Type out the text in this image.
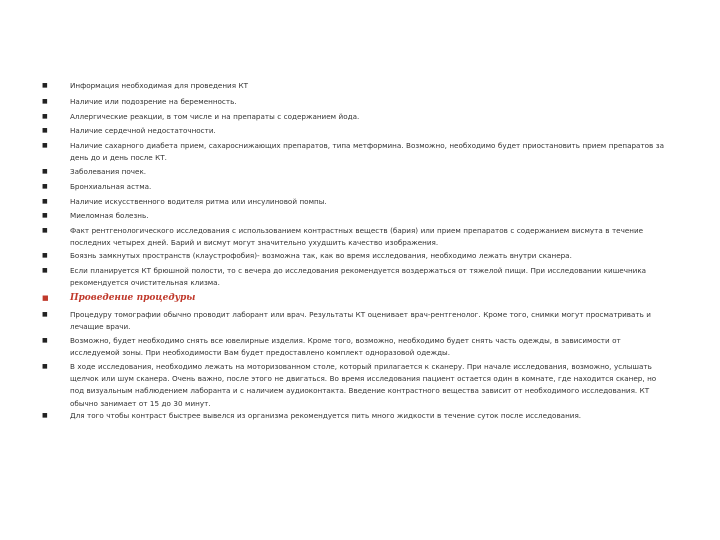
■	Информация необходимая для проведения КТ
■	Наличие или подозрение на беременность.
■	Аллергические реакции, в том числе и на препараты с содержанием йода.
■	Наличие сердечной недостаточности.
■	Наличие сахарного диабета прием, сахароснижающих препаратов, типа метформина. Возможно, необходимо будет приостановить прием препаратов за день до и день после КТ.
■	Заболевания почек.
■	Бронхиальная астма.
■	Наличие искусственного водителя ритма или инсулиновой помпы.
■	Миеломная болезнь.
■	Факт рентгенологического исследования с использованием контрастных веществ (бария) или прием препаратов с содержанием висмута в течение последних четырех дней. Барий и висмут могут значительно ухудшить качество изображения.
■	Боязнь замкнутых пространств (клаустрофобия)- возможна так, как во время исследования, необходимо лежать внутри сканера.
■	Если планируется КТ брюшной полости, то с вечера до исследования рекомендуется воздержаться от тяжелой пищи. При исследовании кишечника рекомендуется очистительная клизма.
■ Проведение процедуры
■	Процедуру томографии обычно проводит лаборант или врач. Результаты КТ оценивает врач-рентгенолог. Кроме того, снимки могут просматривать и лечащие врачи.
■	Возможно, будет необходимо снять все ювелирные изделия. Кроме того, возможно, необходимо будет снять часть одежды, в зависимости от исследуемой зоны. При необходимости Вам будет предоставлено комплект одноразовой одежды.
■	В ходе исследования, необходимо лежать на моторизованном столе, который прилагается к сканеру. При начале исследования, возможно, услышать щелчок или шум сканера. Очень важно, после этого не двигаться. Во время исследования пациент остается один в комнате, где находится сканер, но под визуальным наблюдением лаборанта и с наличием аудиоконтакта. Введение контрастного вещества зависит от необходимого исследования. КТ обычно занимает от 15 до 30 минут.
■	Для того чтобы контраст быстрее вывелся из организма рекомендуется пить много жидкости в течение суток после исследования.
